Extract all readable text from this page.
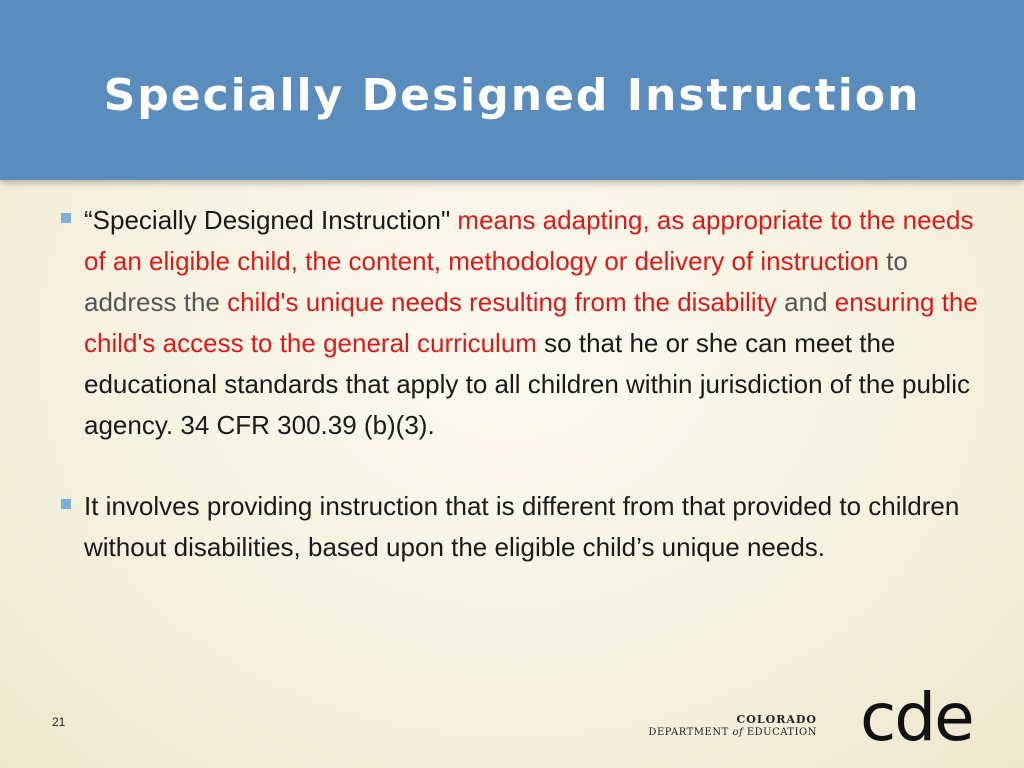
Specially Designed Instruction
“Specially Designed Instruction" means adapting, as appropriate to the needs of an eligible child, the content, methodology or delivery of instruction to address the child's unique needs resulting from the disability and ensuring the child's access to the general curriculum so that he or she can meet the educational standards that apply to all children within jurisdiction of the public agency. 34 CFR 300.39 (b)(3).
It involves providing instruction that is different from that provided to children without disabilities, based upon the eligible child’s unique needs.
21	COLORADO
DEPARTMENT of EDUCATION cde
